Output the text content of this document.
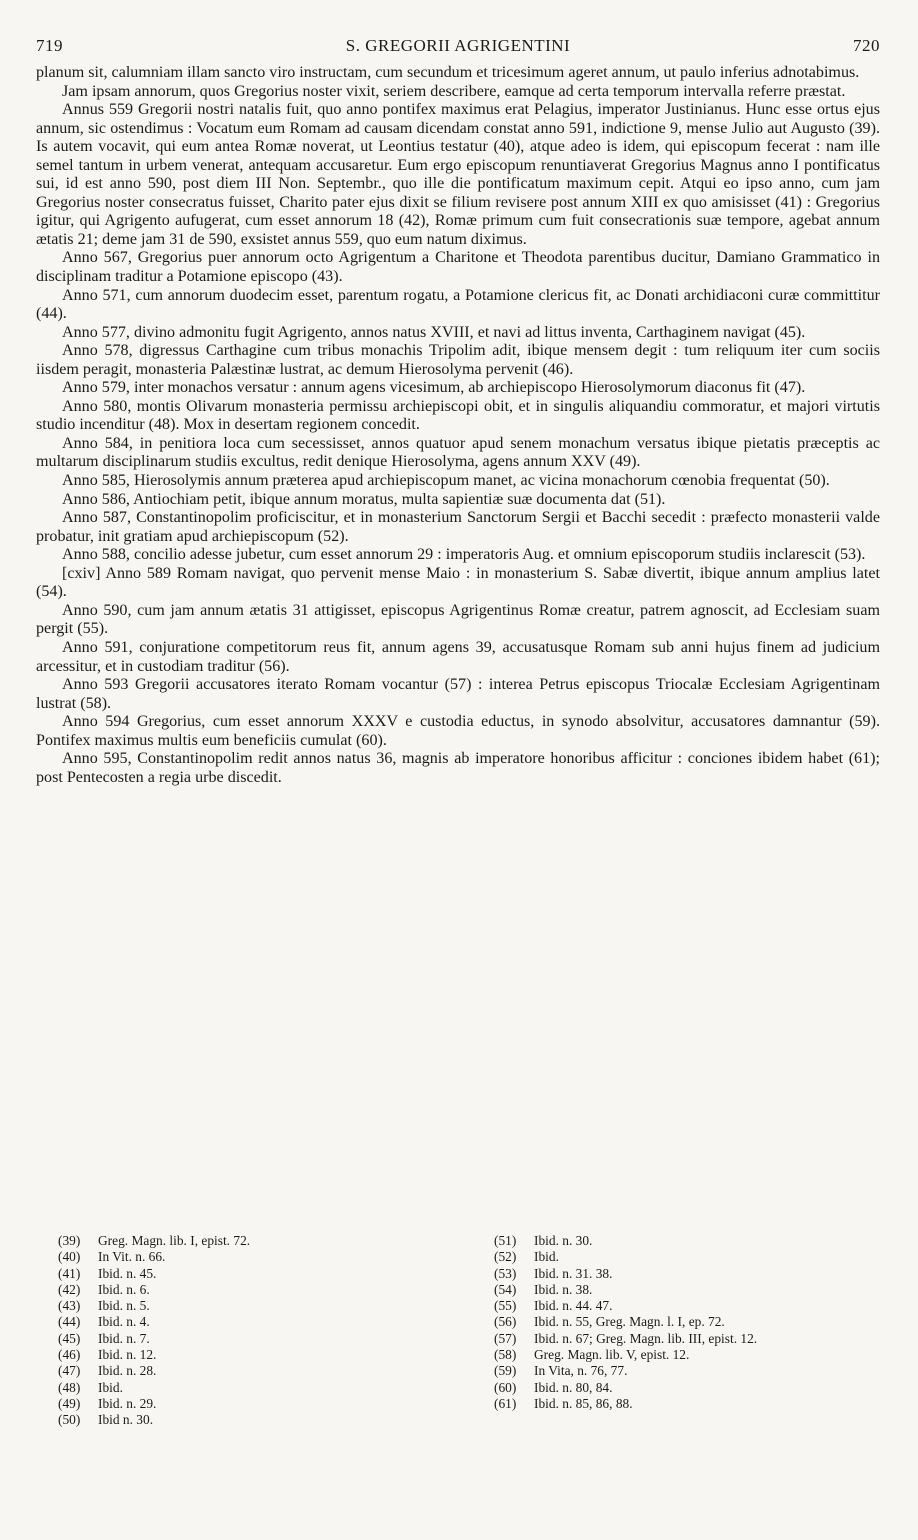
719	S. GREGORII AGRIGENTINI	720

planum sit, calumniam illam sancto viro instructam, cum secundum et tricesimum ageret annum, ut paulo inferius adnotabimus.

Jam ipsam annorum, quos Gregorius noster vixit, seriem describere, eamque ad certa temporum intervalla referre præstat.

Annus 559 Gregorii nostri natalis fuit, quo anno pontifex maximus erat Pelagius, imperator Justinianus. Hunc esse ortus ejus annum, sic ostendimus : Vocatum eum Romam ad causam dicendam constat anno 591, indictione 9, mense Julio aut Augusto (39). Is autem vocavit, qui eum antea Romæ noverat, ut Leontius testatur (40), atque adeo is idem, qui episcopum fecerat : nam ille semel tantum in urbem venerat, antequam accusaretur. Eum ergo episcopum renuntiaverat Gregorius Magnus anno I pontificatus sui, id est anno 590, post diem III Non. Septembr., quo ille die pontificatum maximum cepit. Atqui eo ipso anno, cum jam Gregorius noster consecratus fuisset, Charito pater ejus dixit se filium revisere post annum XIII ex quo amisisset (41) : Gregorius igitur, qui Agrigento aufugerat, cum esset annorum 18 (42), Romæ primum cum fuit consecrationis suæ tempore, agebat annum ætatis 21; deme jam 31 de 590, exsistet annus 559, quo eum natum diximus.

Anno 567, Gregorius puer annorum octo Agrigentum a Charitone et Theodota parentibus ducitur, Damiano Grammatico in disciplinam traditur a Potamione episcopo (43).

Anno 571, cum annorum duodecim esset, parentum rogatu, a Potamione clericus fit, ac Donati archidiaconi curæ committitur (44).

Anno 577, divino admonitu fugit Agrigento, annos natus XVIII, et navi ad littus inventa, Carthaginem navigat (45).

Anno 578, digressus Carthagine cum tribus monachis Tripolim adit, ibique mensem degit : tum reliquum iter cum sociis iisdem peragit, monasteria Palæstinæ lustrat, ac demum Hierosolyma pervenit (46).

Anno 579, inter monachos versatur : annum agens vicesimum, ab archiepiscopo Hierosolymorum diaconus fit (47).

Anno 580, montis Olivarum monasteria permissu archiepiscopi obit, et in singulis aliquandiu commoratur, et majori virtutis studio incenditur (48). Mox in desertam regionem concedit.

Anno 584, in penitiora loca cum secessisset, annos quatuor apud senem monachum versatus ibique pietatis præceptis ac multarum disciplinarum studiis excultus, redit denique Hierosolyma, agens annum XXV (49).

Anno 585, Hierosolymis annum præterea apud archiepiscopum manet, ac vicina monachorum cœnobia frequentat (50).

Anno 586, Antiochiam petit, ibique annum moratus, multa sapientiæ suæ documenta dat (51).

Anno 587, Constantinopolim proficiscitur, et in monasterium Sanctorum Sergii et Bacchi secedit : præfecto monasterii valde probatur, init gratiam apud archiepiscopum (52).

Anno 588, concilio adesse jubetur, cum esset annorum 29 : imperatoris Aug. et omnium episcoporum studiis inclarescit (53).

[cxiv] Anno 589 Romam navigat, quo pervenit mense Maio : in monasterium S. Sabæ divertit, ibique annum amplius latet (54).

Anno 590, cum jam annum ætatis 31 attigisset, episcopus Agrigentinus Romæ creatur, patrem agnoscit, ad Ecclesiam suam pergit (55).

Anno 591, conjuratione competitorum reus fit, annum agens 39, accusatusque Romam sub anni hujus finem ad judicium arcessitur, et in custodiam traditur (56).

Anno 593 Gregorii accusatores iterato Romam vocantur (57) : interea Petrus episcopus Triocalæ Ecclesiam Agrigentinam lustrat (58).

Anno 594 Gregorius, cum esset annorum XXXV e custodia eductus, in synodo absolvitur, accusatores damnantur (59). Pontifex maximus multis eum beneficiis cumulat (60).

Anno 595, Constantinopolim redit annos natus 36, magnis ab imperatore honoribus afficitur : conciones ibidem habet (61); post Pentecosten a regia urbe discedit.

(39) Greg. Magn. lib. I, epist. 72.
(40) In Vit. n. 66.
(41) Ibid. n. 45.
(42) Ibid. n. 6.
(43) Ibid. n. 5.
(44) Ibid. n. 4.
(45) Ibid. n. 7.
(46) Ibid. n. 12.
(47) Ibid. n. 28.
(48) Ibid.
(49) Ibid. n. 29.
(50) Ibid n. 30.
(51) Ibid. n. 30.
(52) Ibid.
(53) Ibid. n. 31. 38.
(54) Ibid. n. 38.
(55) Ibid. n. 44. 47.
(56) Ibid. n. 55, Greg. Magn. l. I, ep. 72.
(57) Ibid. n. 67; Greg. Magn. lib. III, epist. 12.
(58) Greg. Magn. lib. V, epist. 12.
(59) In Vita, n. 76, 77.
(60) Ibid. n. 80, 84.
(61) Ibid. n. 85, 86, 88.
